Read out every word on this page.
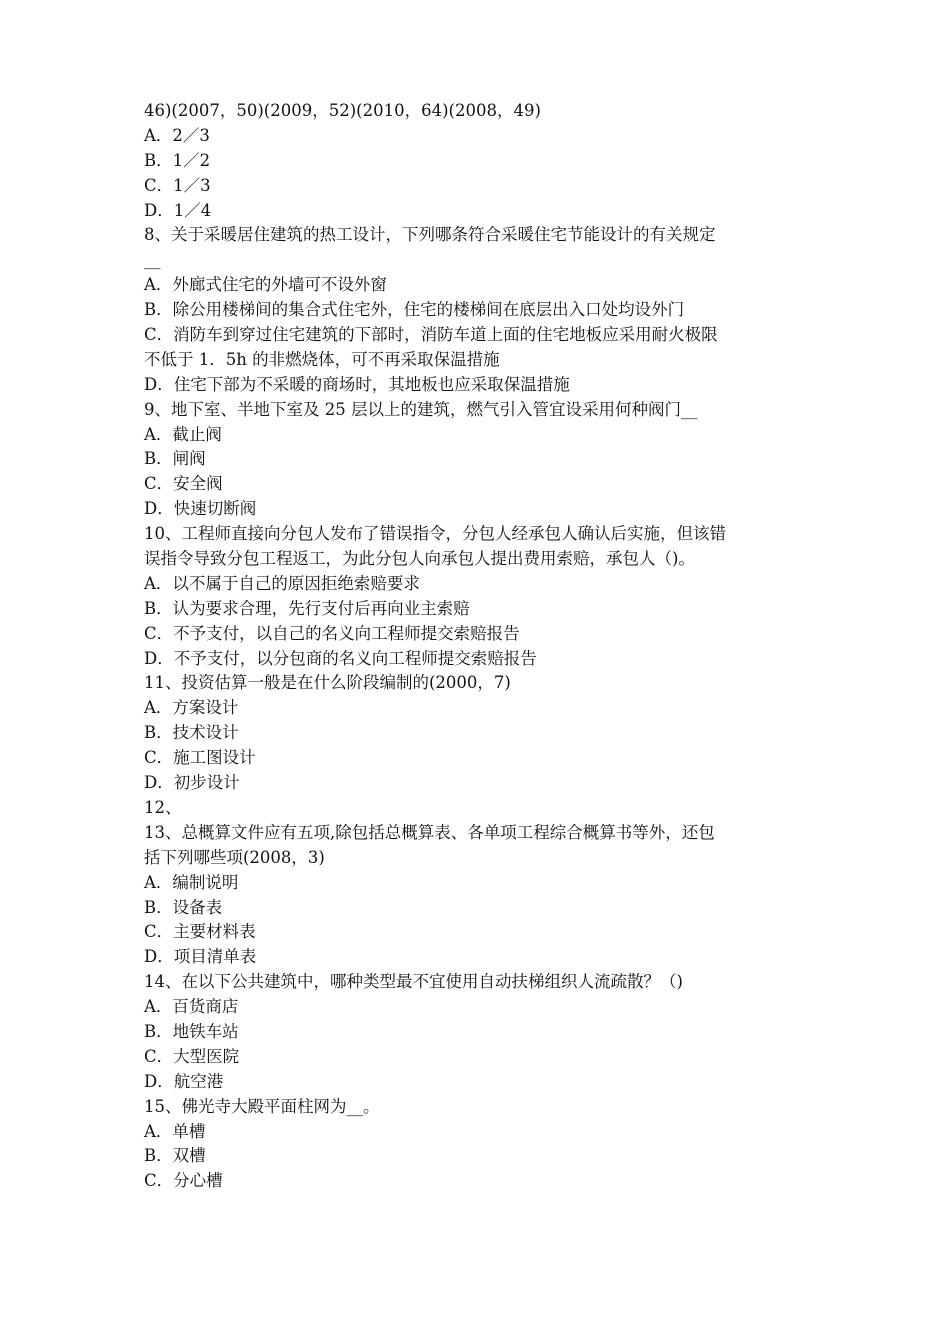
46)(2007，50)(2009，52)(2010，64)(2008，49)
A．2／3
B．1／2
C．1／3
D．1／4
8、关于采暖居住建筑的热工设计，下列哪条符合采暖住宅节能设计的有关规定
__
A．外廊式住宅的外墙可不设外窗
B．除公用楼梯间的集合式住宅外，住宅的楼梯间在底层出入口处均设外门
C．消防车到穿过住宅建筑的下部时，消防车道上面的住宅地板应采用耐火极限
不低于 1．5h 的非燃烧体，可不再采取保温措施
D．住宅下部为不采暖的商场时，其地板也应采取保温措施
9、地下室、半地下室及 25 层以上的建筑，燃气引入管宜设采用何种阀门__
A．截止阀
B．闸阀
C．安全阀
D．快速切断阀
10、工程师直接向分包人发布了错误指令，分包人经承包人确认后实施，但该错
误指令导致分包工程返工，为此分包人向承包人提出费用索赔，承包人（)。
A．以不属于自己的原因拒绝索赔要求
B．认为要求合理，先行支付后再向业主索赔
C．不予支付，以自己的名义向工程师提交索赔报告
D．不予支付，以分包商的名义向工程师提交索赔报告
11、投资估算一般是在什么阶段编制的(2000，7)
A．方案设计
B．技术设计
C．施工图设计
D．初步设计
12、
13、总概算文件应有五项,除包括总概算表、各单项工程综合概算书等外，还包
括下列哪些项(2008，3)
A．编制说明
B．设备表
C．主要材料表
D．项目清单表
14、在以下公共建筑中，哪种类型最不宜使用自动扶梯组织人流疏散？（)
A．百货商店
B．地铁车站
C．大型医院
D．航空港
15、佛光寺大殿平面柱网为__。
A．单槽
B．双槽
C．分心槽
